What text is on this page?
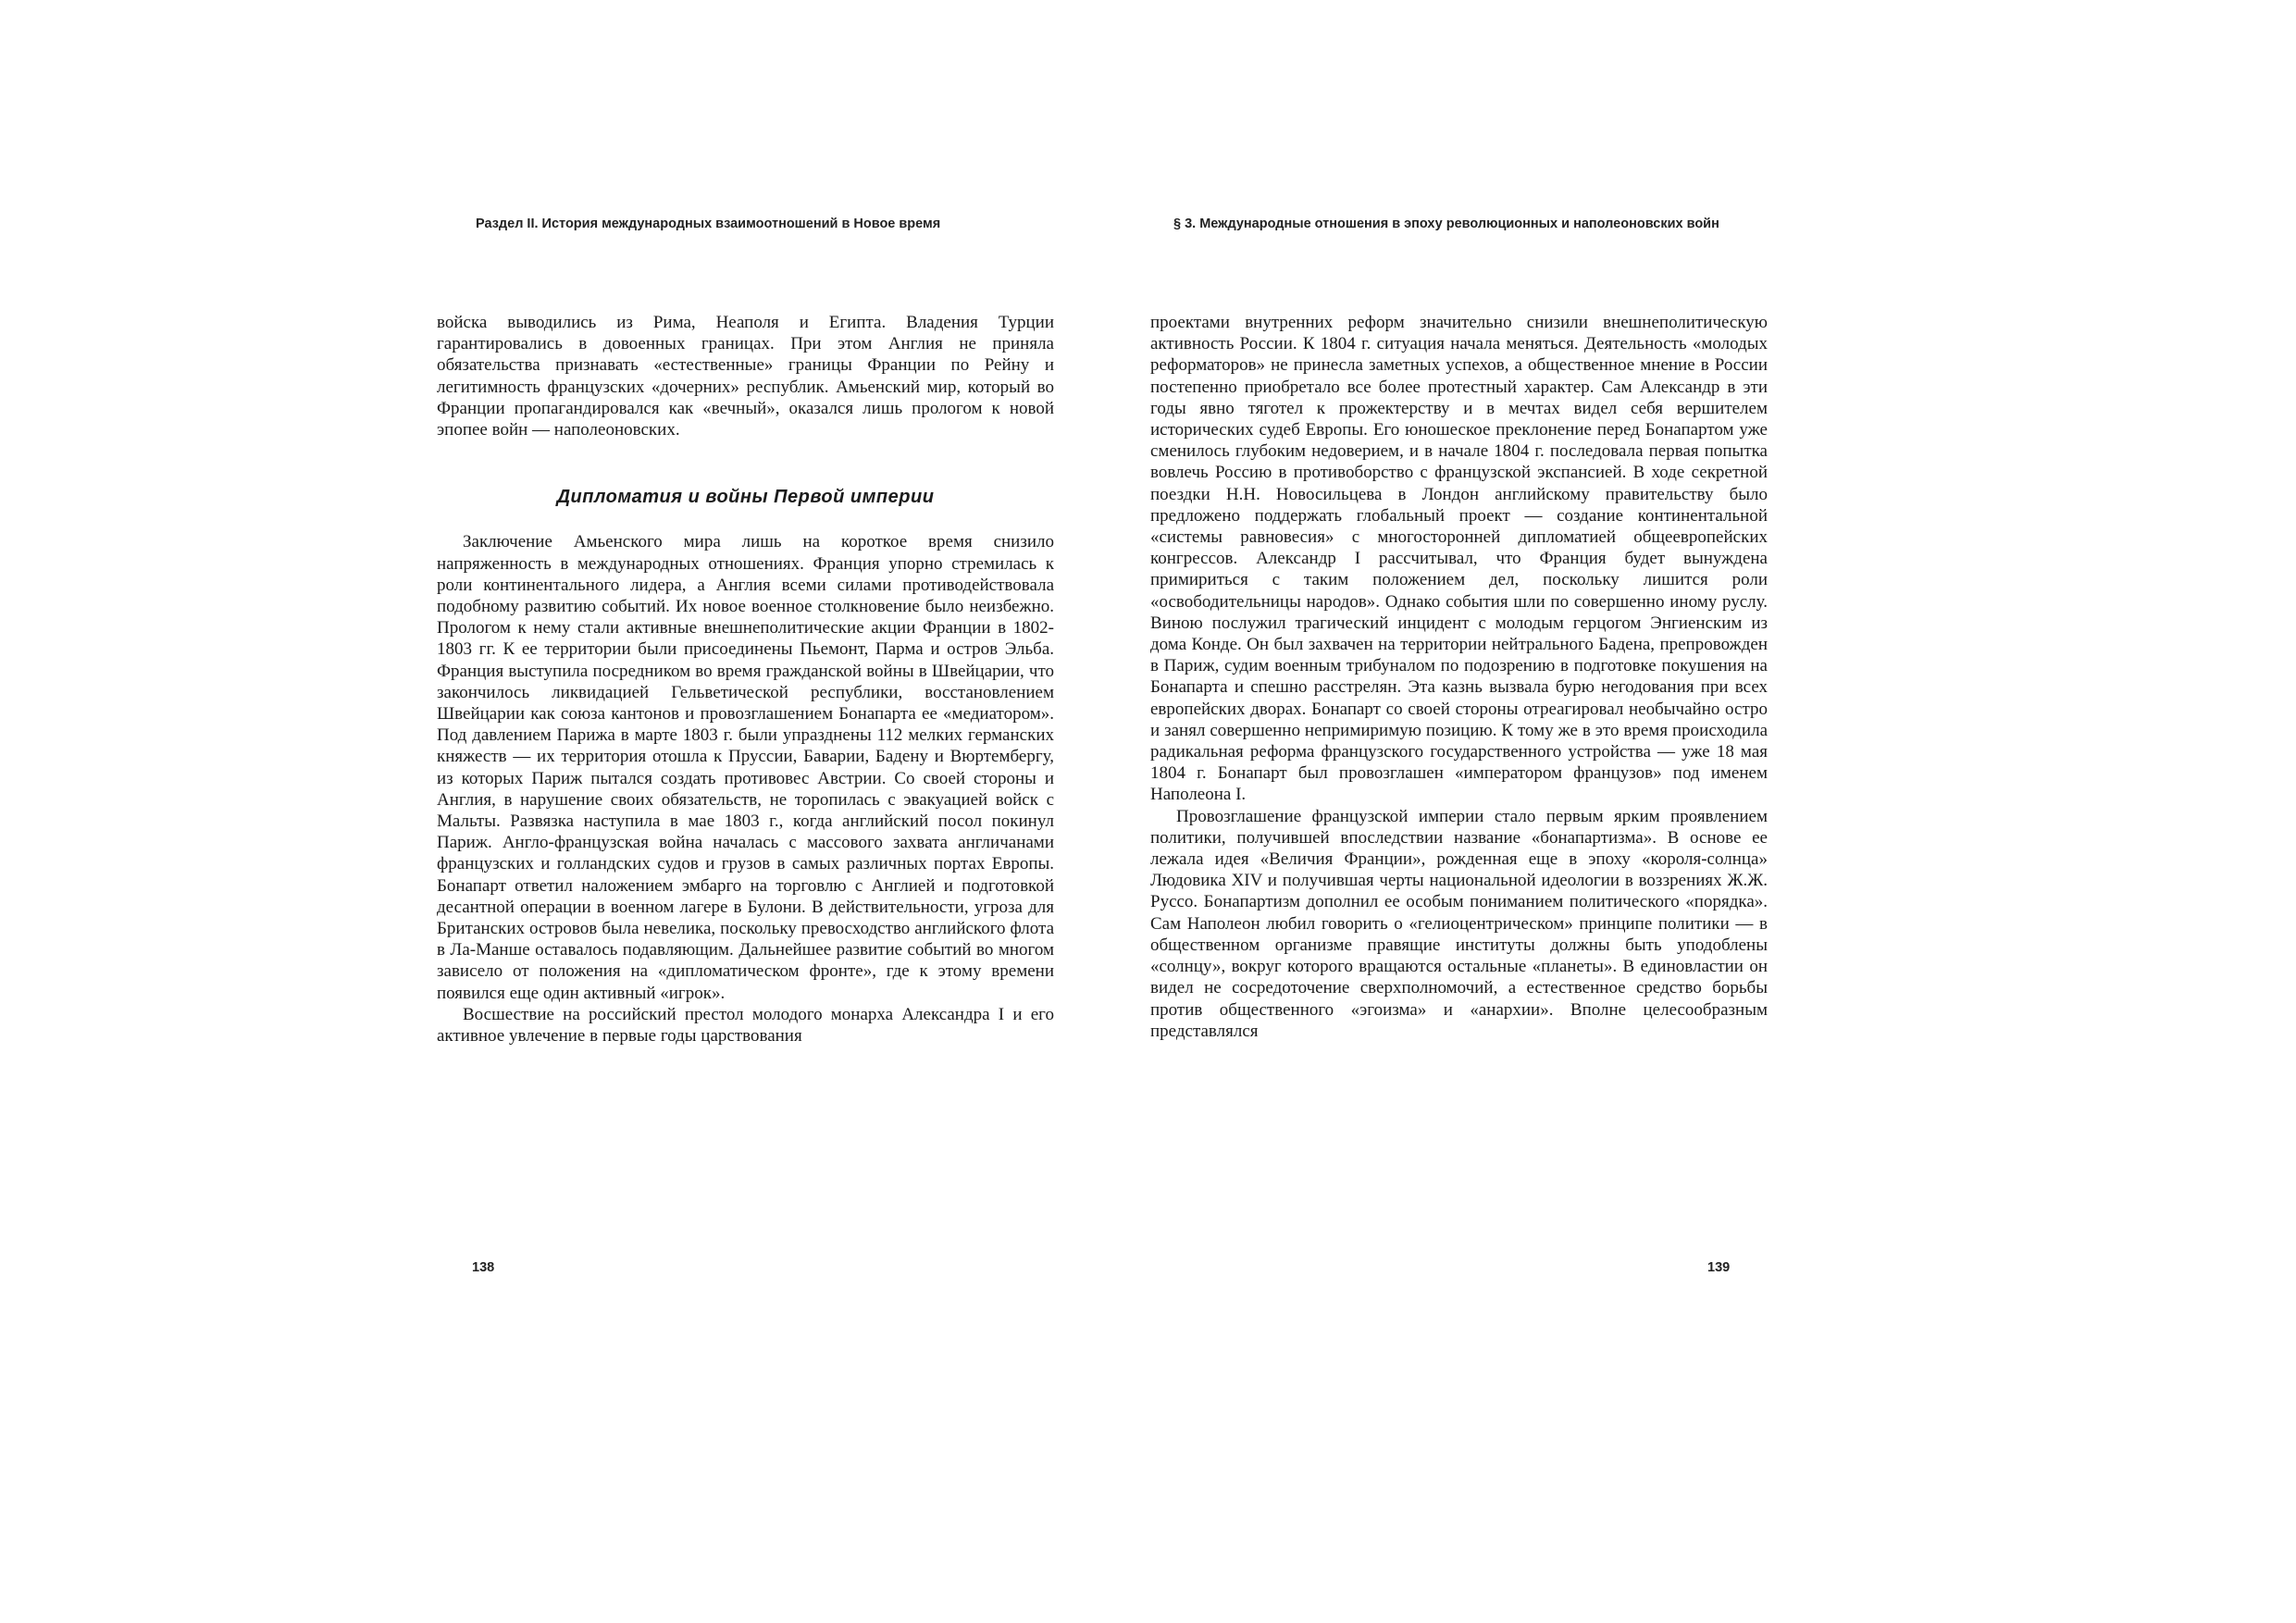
Раздел II. История международных взаимоотношений в Новое время

войска выводились из Рима, Неаполя и Египта. Владения Турции гарантировались в довоенных границах. При этом Англия не приняла обязательства признавать «естественные» границы Франции по Рейну и легитимность французских «дочерних» республик. Амьенский мир, который во Франции пропагандировался как «вечный», оказался лишь прологом к новой эпопее войн — наполеоновских.

Дипломатия и войны Первой империи

Заключение Амьенского мира лишь на короткое время снизило напряженность в международных отношениях. Франция упорно стремилась к роли континентального лидера, а Англия всеми силами противодействовала подобному развитию событий. Их новое военное столкновение было неизбежно. Прологом к нему стали активные внешнеполитические акции Франции в 1802-1803 гг. К ее территории были присоединены Пьемонт, Парма и остров Эльба. Франция выступила посредником во время гражданской войны в Швейцарии, что закончилось ликвидацией Гельветической республики, восстановлением Швейцарии как союза кантонов и провозглашением Бонапарта ее «медиатором». Под давлением Парижа в марте 1803 г. были упразднены 112 мелких германских княжеств — их территория отошла к Пруссии, Баварии, Бадену и Вюртембергу, из которых Париж пытался создать противовес Австрии. Со своей стороны и Англия, в нарушение своих обязательств, не торопилась с эвакуацией войск с Мальты. Развязка наступила в мае 1803 г., когда английский посол покинул Париж. Англо-французская война началась с массового захвата англичанами французских и голландских судов и грузов в самых различных портах Европы. Бонапарт ответил наложением эмбарго на торговлю с Англией и подготовкой десантной операции в военном лагере в Булони. В действительности, угроза для Британских островов была невелика, поскольку превосходство английского флота в Ла-Манше оставалось подавляющим. Дальнейшее развитие событий во многом зависело от положения на «дипломатическом фронте», где к этому времени появился еще один активный «игрок».

Восшествие на российский престол молодого монарха Александра I и его активное увлечение в первые годы царствования

138
§ 3. Международные отношения в эпоху революционных и наполеоновских войн

проектами внутренних реформ значительно снизили внешнеполитическую активность России. К 1804 г. ситуация начала меняться. Деятельность «молодых реформаторов» не принесла заметных успехов, а общественное мнение в России постепенно приобретало все более протестный характер. Сам Александр в эти годы явно тяготел к прожектерству и в мечтах видел себя вершителем исторических судеб Европы. Его юношеское преклонение перед Бонапартом уже сменилось глубоким недоверием, и в начале 1804 г. последовала первая попытка вовлечь Россию в противоборство с французской экспансией. В ходе секретной поездки Н.Н. Новосильцева в Лондон английскому правительству было предложено поддержать глобальный проект — создание континентальной «системы равновесия» с многосторонней дипломатией общеевропейских конгрессов. Александр I рассчитывал, что Франция будет вынуждена примириться с таким положением дел, поскольку лишится роли «освободительницы народов». Однако события шли по совершенно иному руслу. Виною послужил трагический инцидент с молодым герцогом Энгиенским из дома Конде. Он был захвачен на территории нейтрального Бадена, препровожден в Париж, судим военным трибуналом по подозрению в подготовке покушения на Бонапарта и спешно расстрелян. Эта казнь вызвала бурю негодования при всех европейских дворах. Бонапарт со своей стороны отреагировал необычайно остро и занял совершенно непримиримую позицию. К тому же в это время происходила радикальная реформа французского государственного устройства — уже 18 мая 1804 г. Бонапарт был провозглашен «императором французов» под именем Наполеона I.

Провозглашение французской империи стало первым ярким проявлением политики, получившей впоследствии название «бонапартизма». В основе ее лежала идея «Величия Франции», рожденная еще в эпоху «короля-солнца» Людовика XIV и получившая черты национальной идеологии в воззрениях Ж.Ж. Руссо. Бонапартизм дополнил ее особым пониманием политического «порядка». Сам Наполеон любил говорить о «гелиоцентрическом» принципе политики — в общественном организме правящие институты должны быть уподоблены «солнцу», вокруг которого вращаются остальные «планеты». В единовластии он видел не сосредоточение сверхполномочий, а естественное средство борьбы против общественного «эгоизма» и «анархии». Вполне целесообразным представлялся

139
